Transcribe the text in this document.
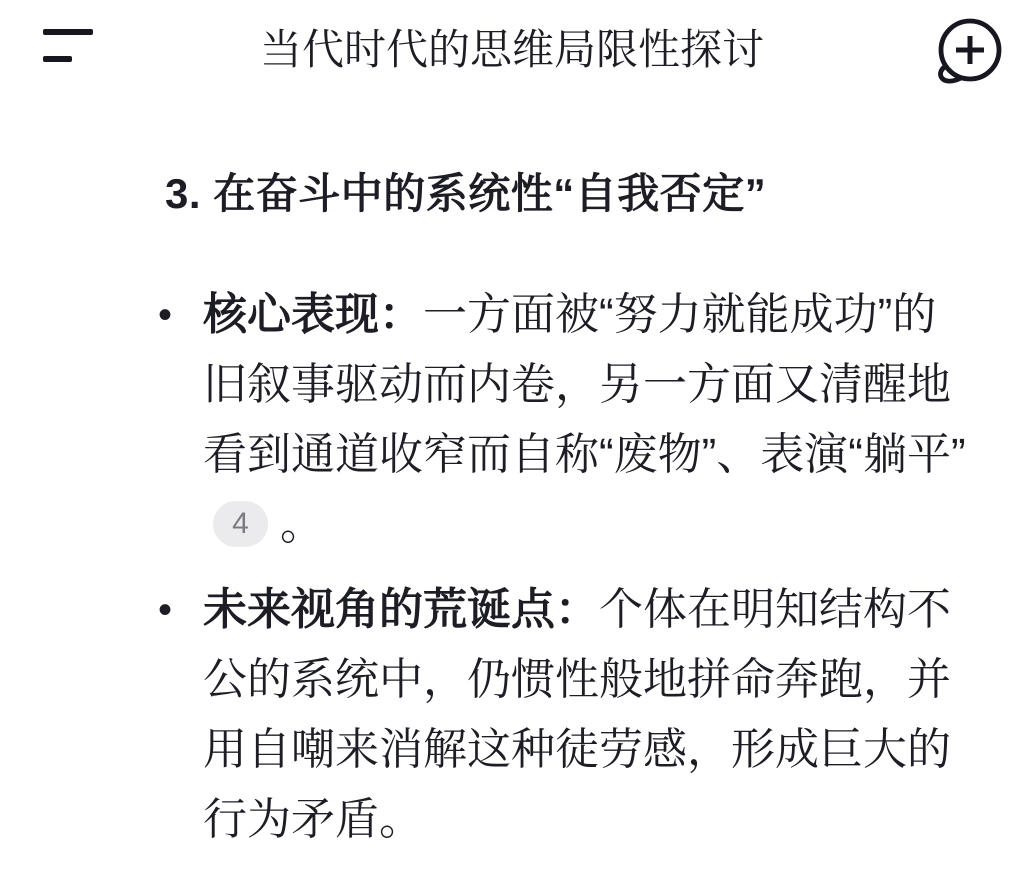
当代时代的思维局限性探讨
3. 在奋斗中的系统性“自我否定”
• 核心表现：一方面被“努力就能成功”的旧叙事驱动而内卷，另一方面又清醒地看到通道收窄而自称“废物”、表演“躺平”4 。

• 未来视角的荒诞点：个体在明知结构不公的系统中，仍惯性般地拼命奔跑，并用自嘲来消解这种徒劳感，形成巨大的行为矛盾。
